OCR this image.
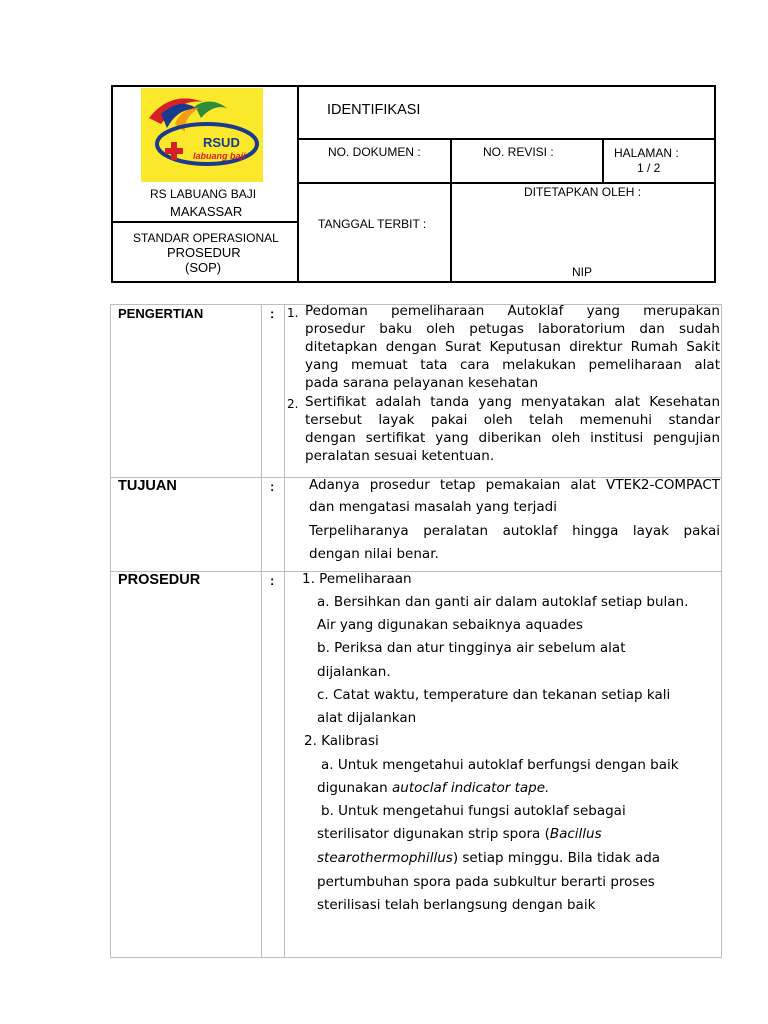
RSUD
labuang baji
RS LABUANG BAJI
MAKASSAR
STANDAR OPERASIONAL
PROSEDUR
(SOP)
IDENTIFIKASI
NO. DOKUMEN :	NO. REVISI :	HALAMAN :
1 / 2
TANGGAL TERBIT :
DITETAPKAN OLEH :
NIP
PENGERTIAN	: 1. Pedoman pemeliharaan Autoklaf yang merupakan
prosedur baku oleh petugas laboratorium dan sudah
ditetapkan dengan Surat Keputusan direktur Rumah Sakit
yang memuat tata cara melakukan pemeliharaan alat
pada sarana pelayanan kesehatan
2. Sertifikat adalah tanda yang menyatakan alat Kesehatan
tersebut layak pakai oleh telah memenuhi standar
dengan sertifikat yang diberikan oleh institusi pengujian
peralatan sesuai ketentuan.
TUJUAN	:	Adanya prosedur tetap pemakaian alat VTEK2-COMPACT
dan mengatasi masalah yang terjadi
Terpeliharanya peralatan autoklaf hingga layak pakai
dengan nilai benar.
PROSEDUR	: 1. Pemeliharaan
a. Bersihkan dan ganti air dalam autoklaf setiap bulan.
Air yang digunakan sebaiknya aquades
b. Periksa dan atur tingginya air sebelum alat
dijalankan.
c. Catat waktu, temperature dan tekanan setiap kali
alat dijalankan
2. Kalibrasi
a. Untuk mengetahui autoklaf berfungsi dengan baik
digunakan autoclaf indicator tape.
b. Untuk mengetahui fungsi autoklaf sebagai
sterilisator digunakan strip spora (Bacillus
stearothermophillus) setiap minggu. Bila tidak ada
pertumbuhan spora pada subkultur berarti proses
sterilisasi telah berlangsung dengan baik
